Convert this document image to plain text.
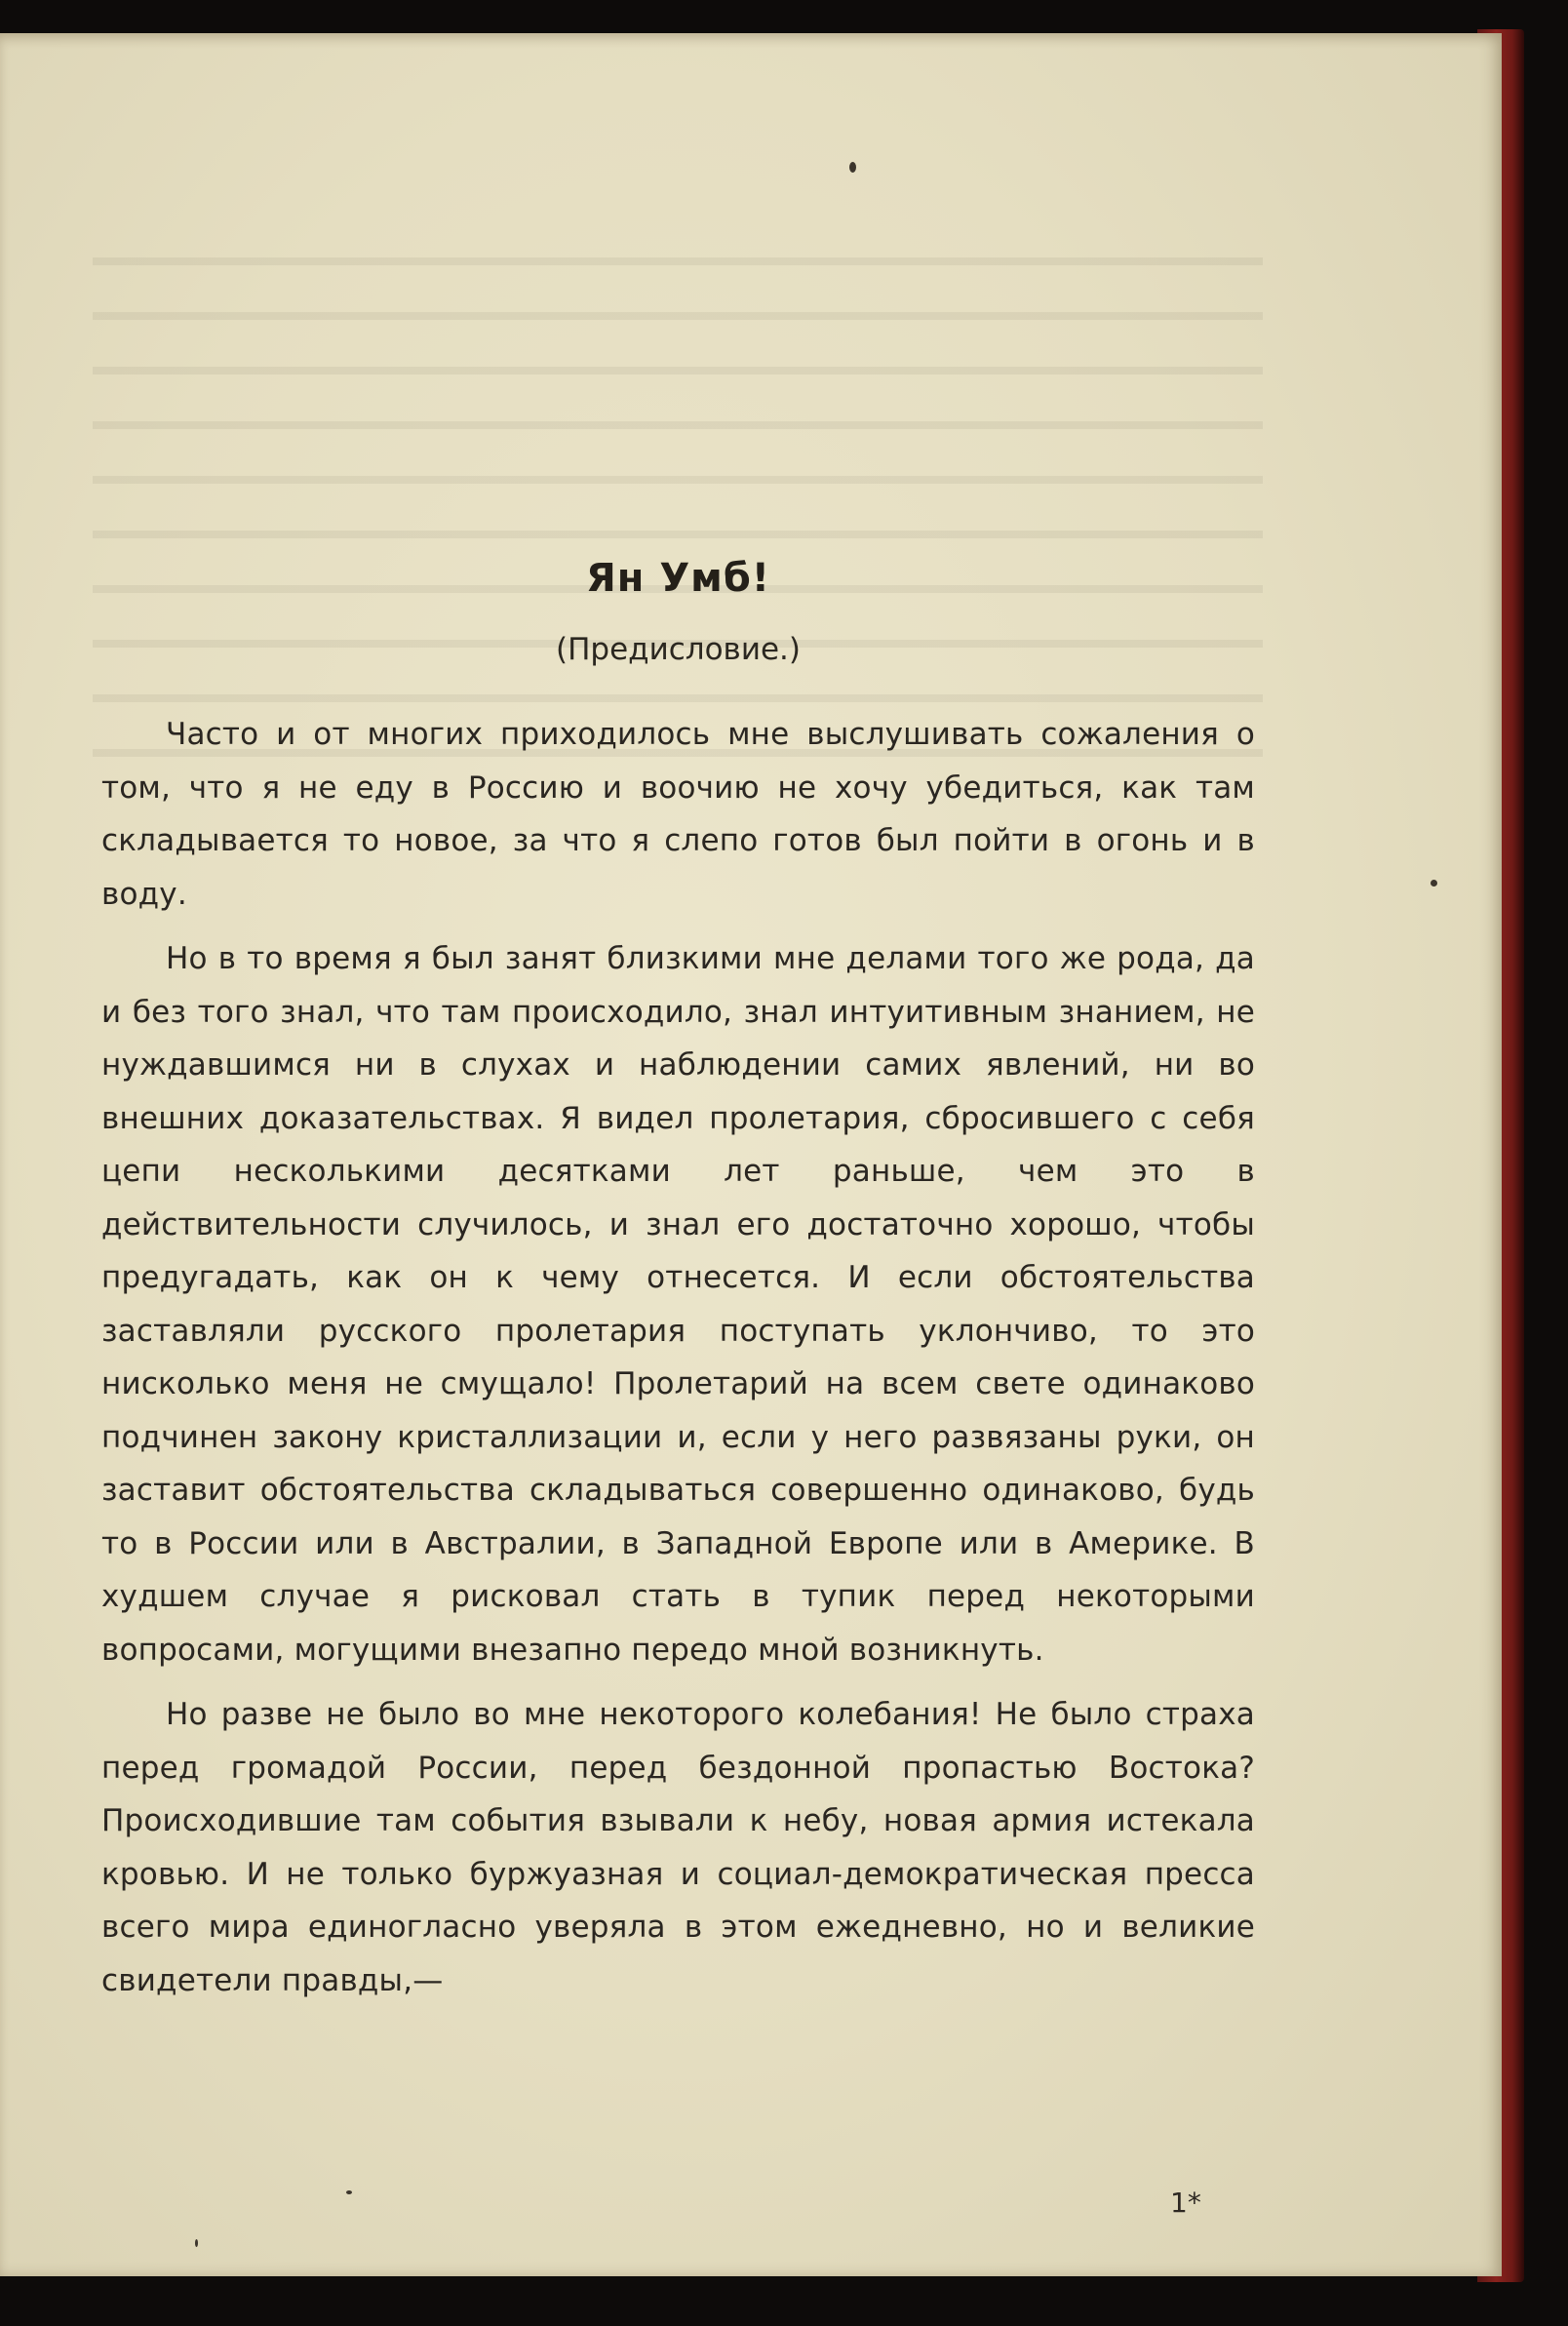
1*
Ян Умб!
(Предисловие.)

Часто и от многих приходилось мне выслушивать сожаления о том, что я не еду в Россию и воочию не хочу убедиться, как там складывается то новое, за что я слепо готов был пойти в огонь и в воду.

Но в то время я был занят близкими мне делами того же рода, да и без того знал, что там происходило, знал интуитивным знанием, не нуждавшимся ни в слухах и наблюдении самих явлений, ни во внешних доказательствах. Я видел пролетария, сбросившего с себя цепи несколькими десятками лет раньше, чем это в действительности случилось, и знал его достаточно хорошо, чтобы предугадать, как он к чему отнесется. И если обстоятельства заставляли русского пролетария поступать уклончиво, то это нисколько меня не смущало! Пролетарий на всем свете одинаково подчинен закону кристаллизации и, если у него развязаны руки, он заставит обстоятельства складываться совершенно одинаково, будь то в России или в Австралии, в Западной Европе или в Америке. В худшем случае я рисковал стать в тупик перед некоторыми вопросами, могущими внезапно передо мной возникнуть.

Но разве не было во мне некоторого колебания! Не было страха перед громадой России, перед бездонной пропастью Востока? Происходившие там события взывали к небу, новая армия истекала кровью. И не только буржуазная и социал-демократическая пресса всего мира единогласно уверяла в этом ежедневно, но и великие свидетели правды,—
